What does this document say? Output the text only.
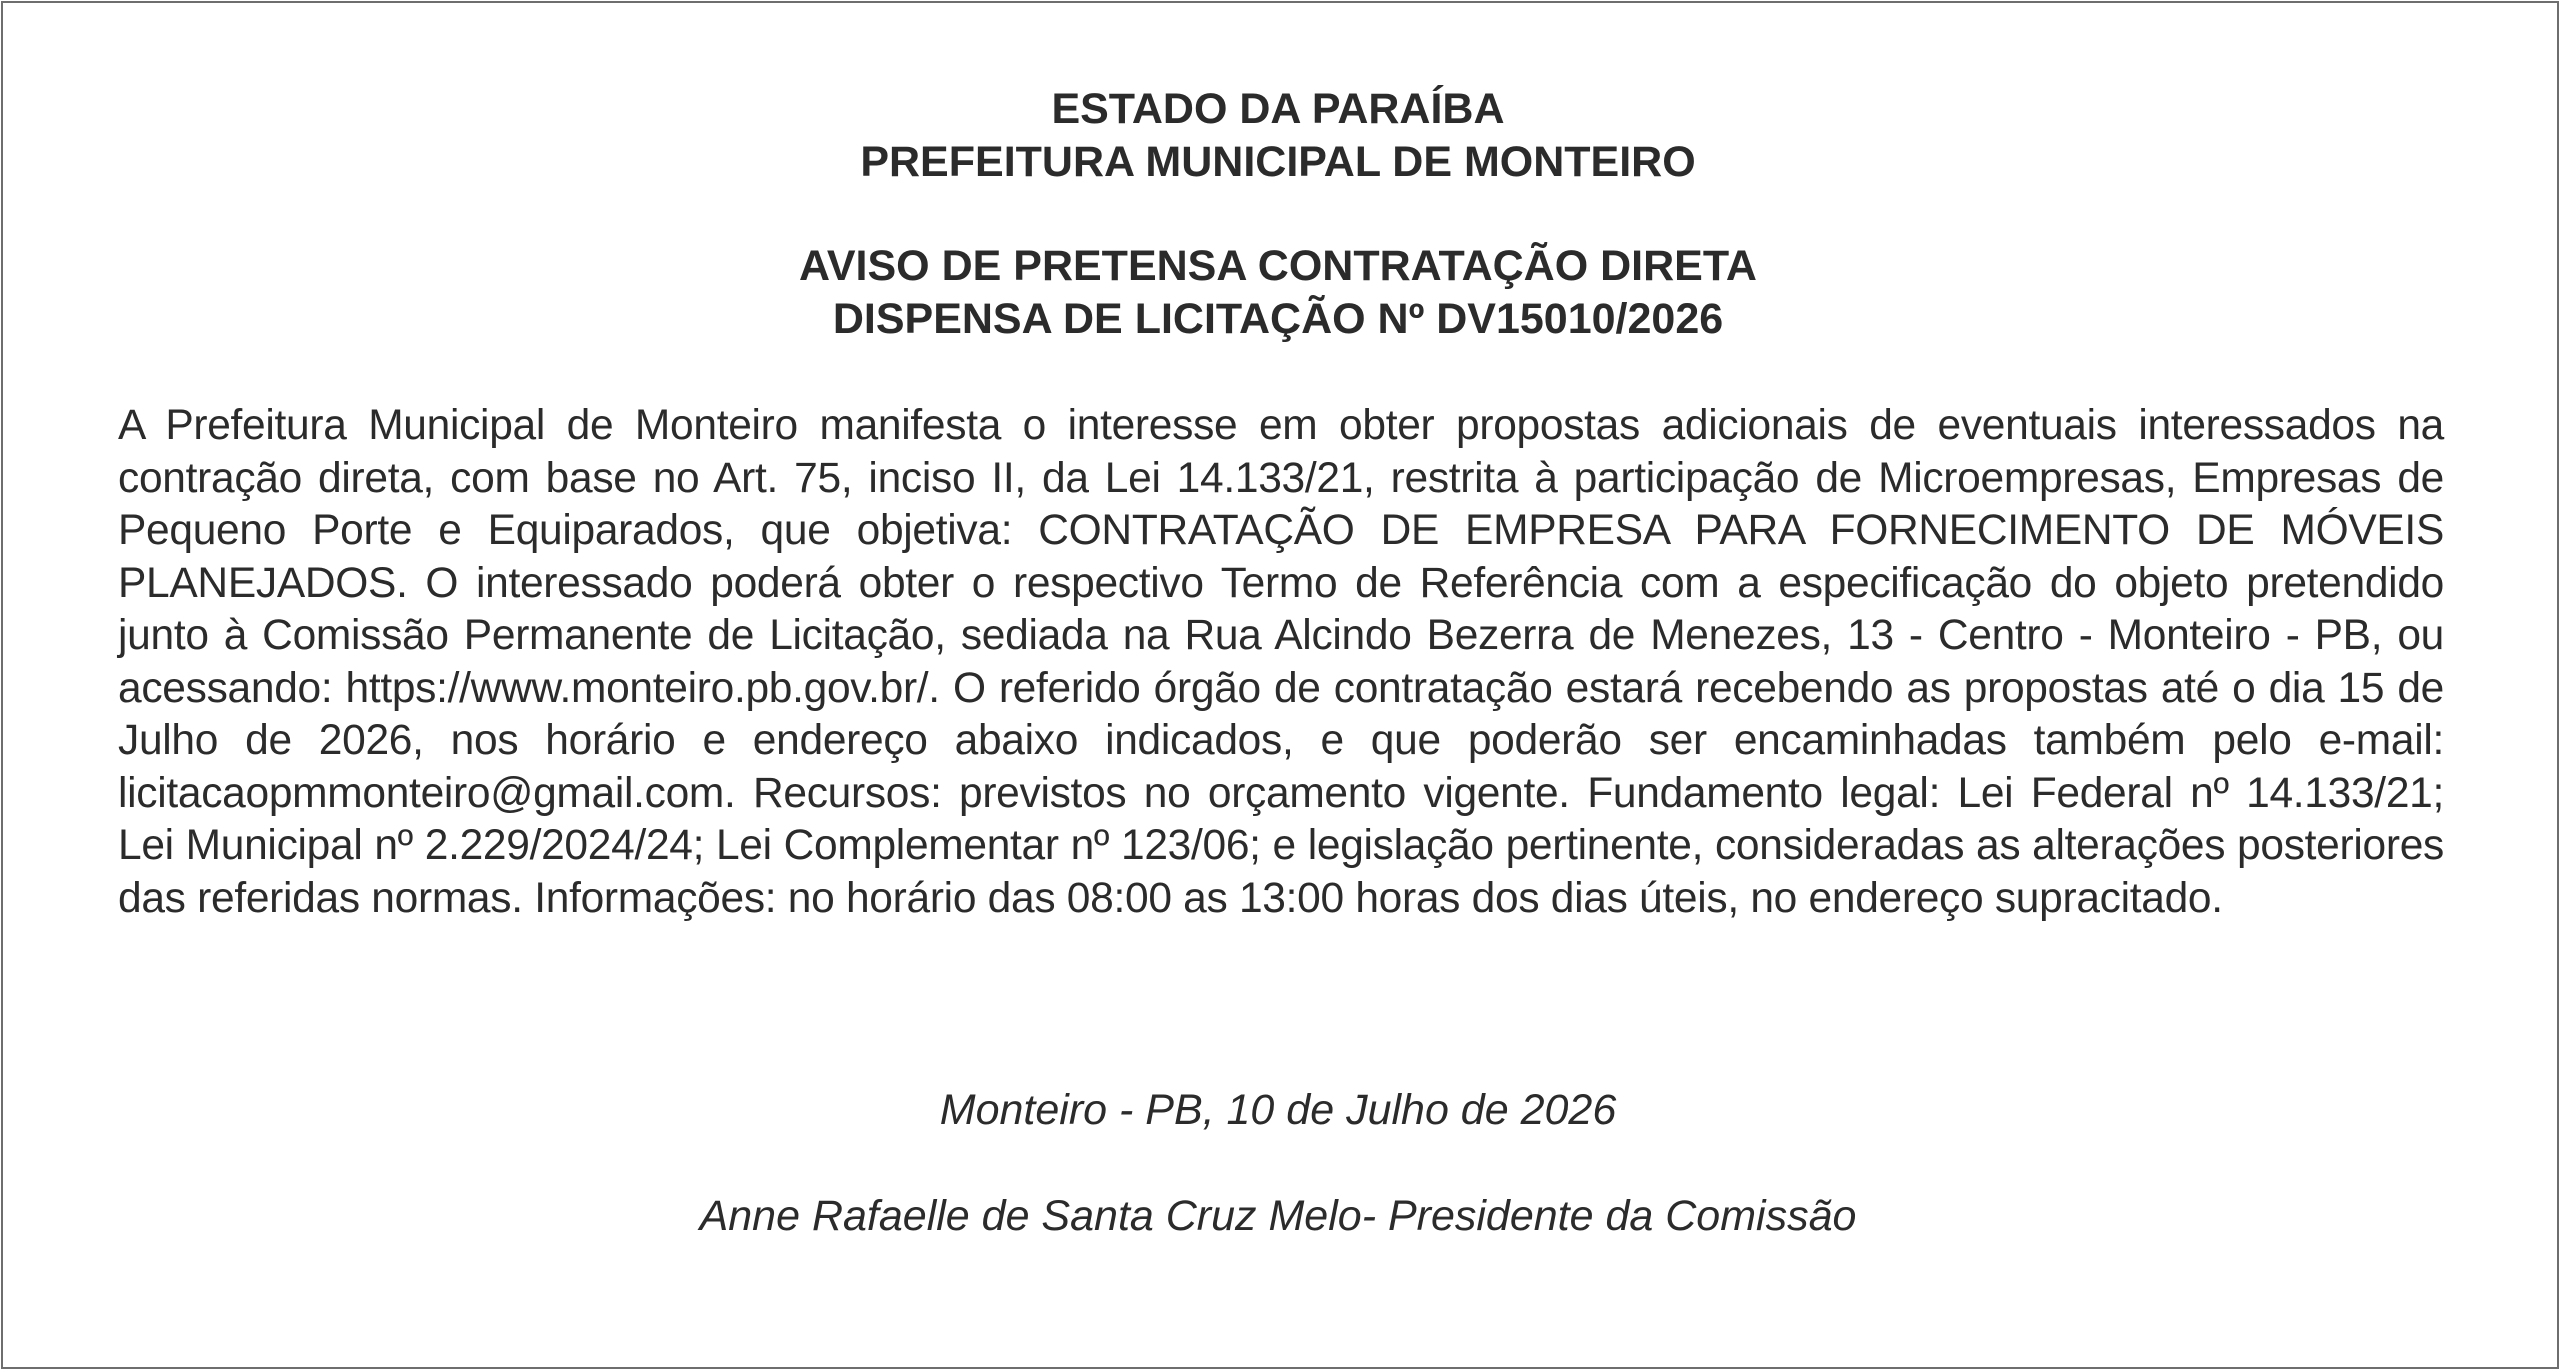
ESTADO DA PARAÍBA
PREFEITURA MUNICIPAL DE MONTEIRO
AVISO DE PRETENSA CONTRATAÇÃO DIRETA
DISPENSA DE LICITAÇÃO Nº DV15010/2026

A Prefeitura Municipal de Monteiro manifesta o interesse em obter propostas adicionais de eventuais interessados na contração direta, com base no Art. 75, inciso II, da Lei 14.133/21, restrita à participação de Microempresas, Empresas de Pequeno Porte e Equiparados, que objetiva: CONTRATAÇÃO DE EMPRESA PARA FORNECIMENTO DE MÓVEIS PLANEJADOS. O interessado poderá obter o respectivo Termo de Referência com a especificação do objeto pretendido junto à Comissão Permanente de Licitação, sediada na Rua Alcindo Bezerra de Menezes, 13 - Centro - Monteiro - PB, ou acessando: https://www.monteiro.pb.gov.br/. O referido órgão de contratação estará recebendo as propostas até o dia 15 de Julho de 2026, nos horário e endereço abaixo indicados, e que poderão ser encaminhadas também pelo e-mail: licitacaopmmonteiro@gmail.com. Recursos: previstos no orçamento vigente. Fundamento legal: Lei Federal nº 14.133/21; Lei Municipal nº 2.229/2024/24; Lei Complementar nº 123/06; e legislação pertinente, consideradas as alterações posteriores das referidas normas. Informações: no horário das 08:00 as 13:00 horas dos dias úteis, no endereço supracitado.

Monteiro - PB, 10 de Julho de 2026

Anne Rafaelle de Santa Cruz Melo- Presidente da Comissão
